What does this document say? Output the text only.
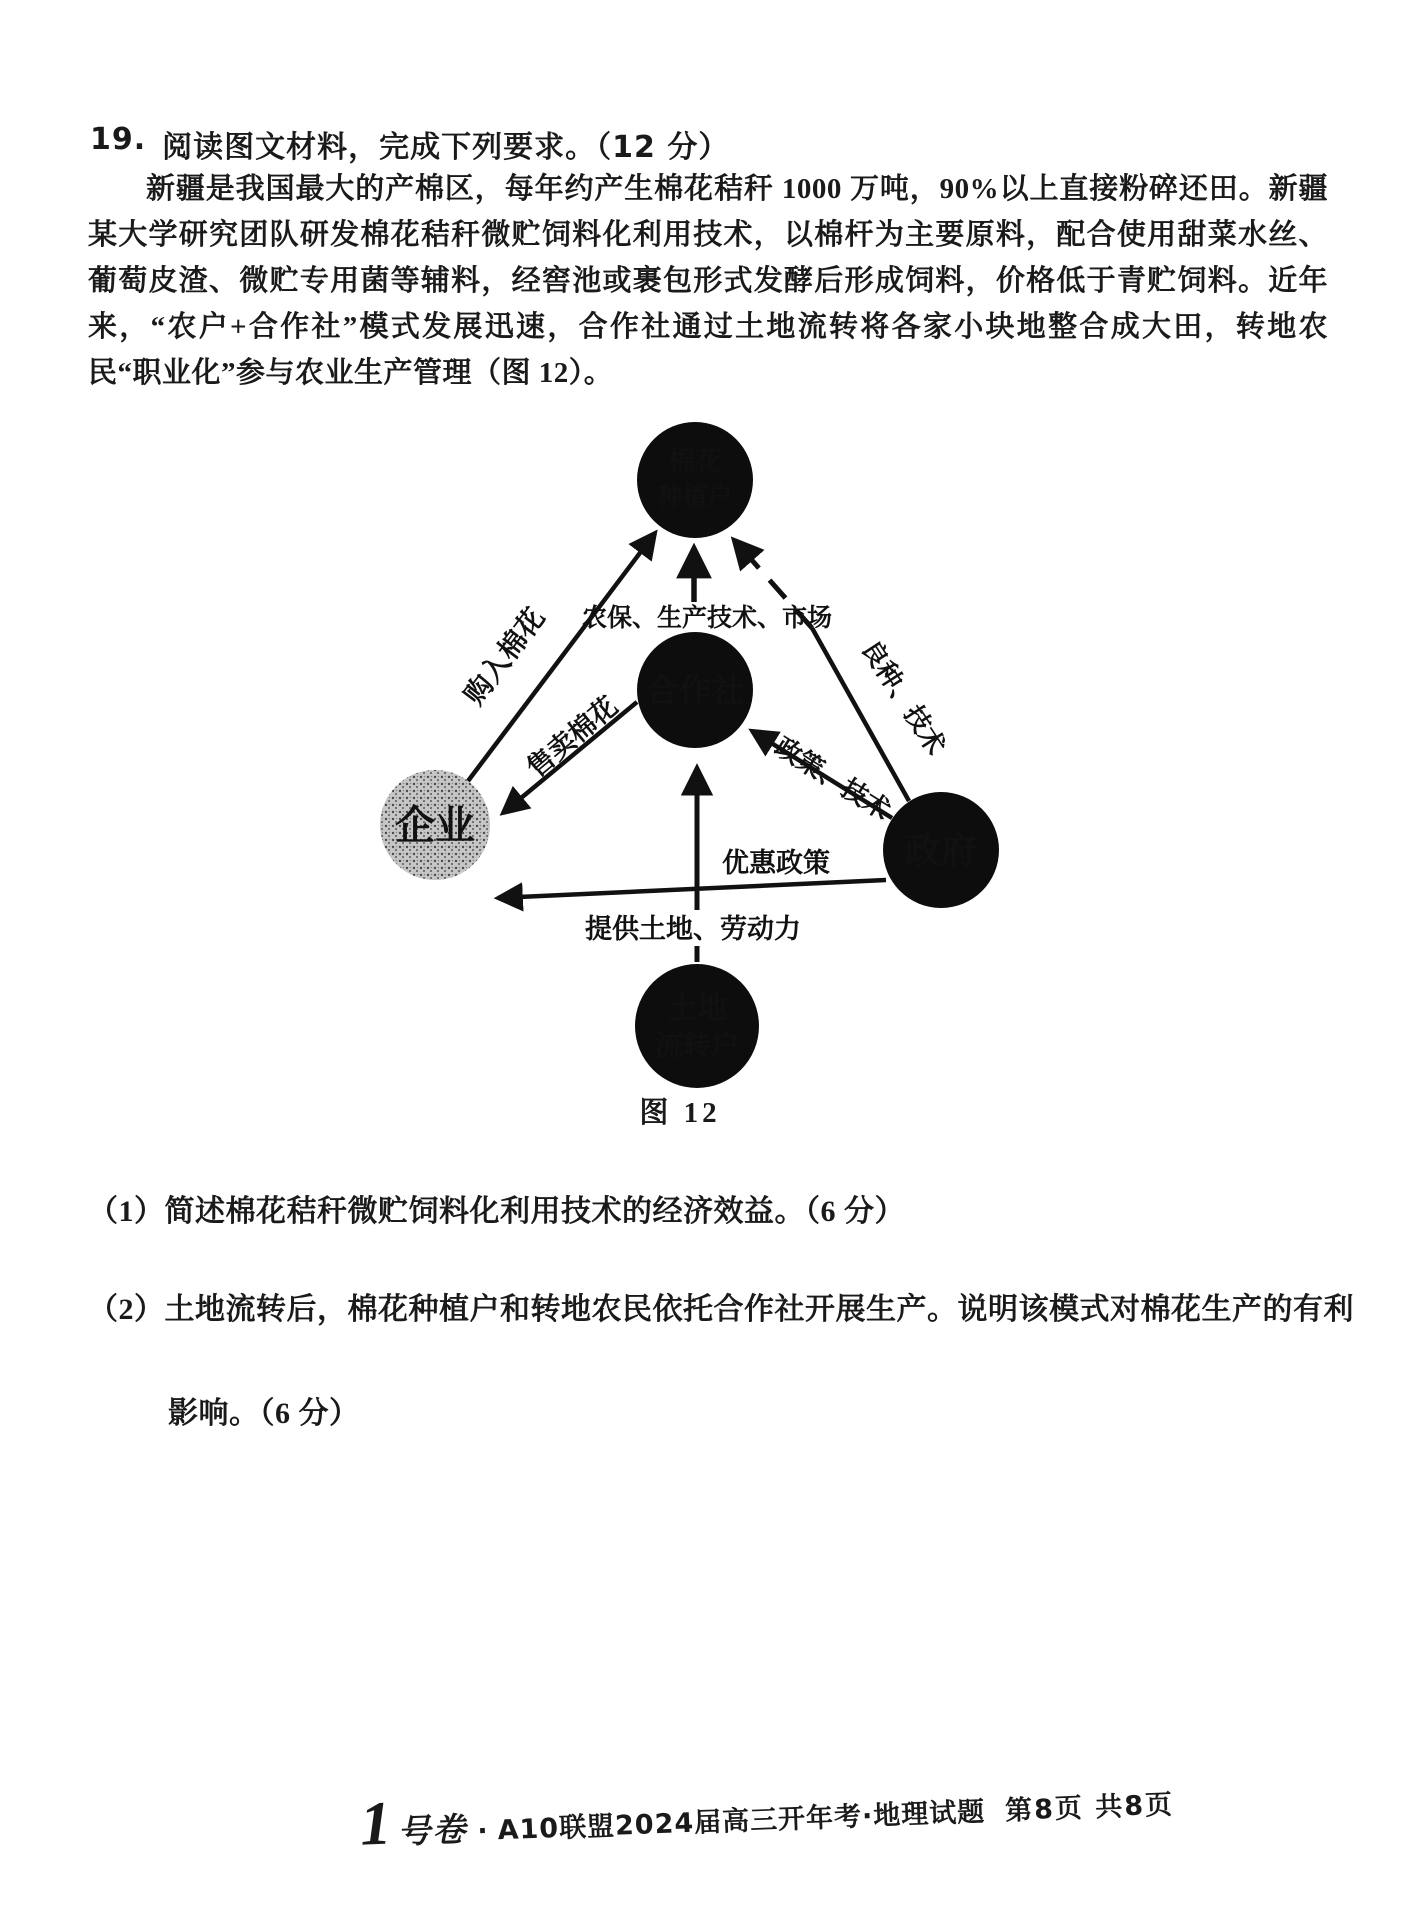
19. 阅读图文材料，完成下列要求。（12 分）
新疆是我国最大的产棉区，每年约产生棉花秸秆 1000 万吨，90%以上直接粉碎还田。新疆
某大学研究团队研发棉花秸秆微贮饲料化利用技术，以棉杆为主要原料，配合使用甜菜水丝、
葡萄皮渣、微贮专用菌等辅料，经窖池或裹包形式发酵后形成饲料，价格低于青贮饲料。近年
来，“农户+合作社”模式发展迅速，合作社通过土地流转将各家小块地整合成大田，转地农
民“职业化”参与农业生产管理（图 12）。
农保、生产技术、市场
购入棉花	良种、技术
售卖棉花	政策、技术
优惠政策
提供土地、劳动力
棉花
种植户
合作社
企业
政府
土地
流转户
图 12
（1）简述棉花秸秆微贮饲料化利用技术的经济效益。（6 分）
（2）土地流转后，棉花种植户和转地农民依托合作社开展生产。说明该模式对棉花生产的有利
影响。（6 分）
1 号卷 · A10联盟2024届高三开年考·地理试题 第8页 共8页
